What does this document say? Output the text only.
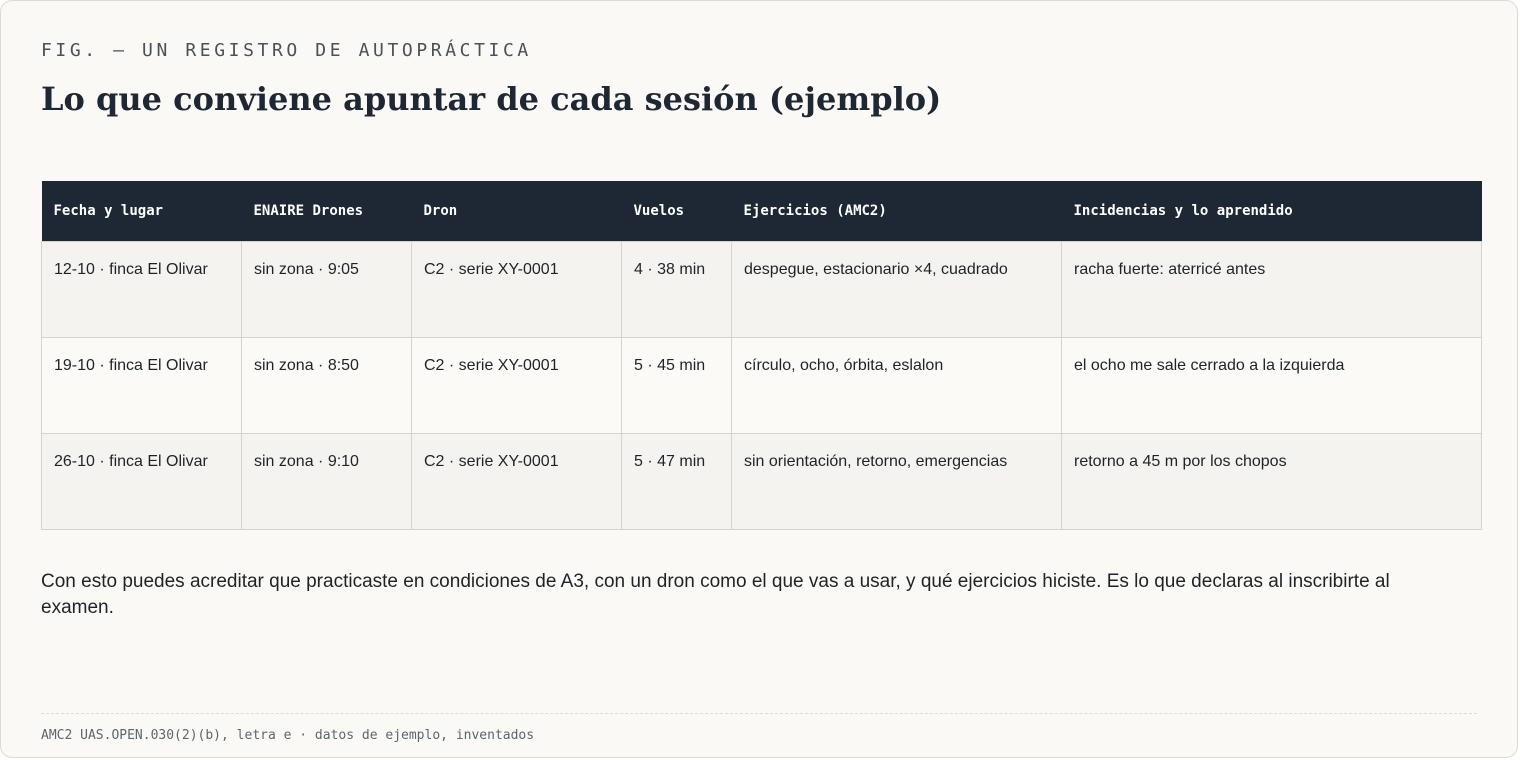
FIG. — UN REGISTRO DE AUTOPRÁCTICA
Lo que conviene apuntar de cada sesión (ejemplo)
Fecha y lugar	ENAIRE Drones	Dron	Vuelos	Ejercicios (AMC2)	Incidencias y lo aprendido
12-10 · finca El Olivar	sin zona · 9:05	C2 · serie XY-0001	4 · 38 min	despegue, estacionario ×4, cuadrado	racha fuerte: aterricé antes
19-10 · finca El Olivar	sin zona · 8:50	C2 · serie XY-0001	5 · 45 min	círculo, ocho, órbita, eslalon	el ocho me sale cerrado a la izquierda
26-10 · finca El Olivar	sin zona · 9:10	C2 · serie XY-0001	5 · 47 min	sin orientación, retorno, emergencias	retorno a 45 m por los chopos

Con esto puedes acreditar que practicaste en condiciones de A3, con un dron como el que vas a usar, y qué ejercicios hiciste. Es lo que declaras al inscribirte al examen.

AMC2 UAS.OPEN.030(2)(b), letra e · datos de ejemplo, inventados
